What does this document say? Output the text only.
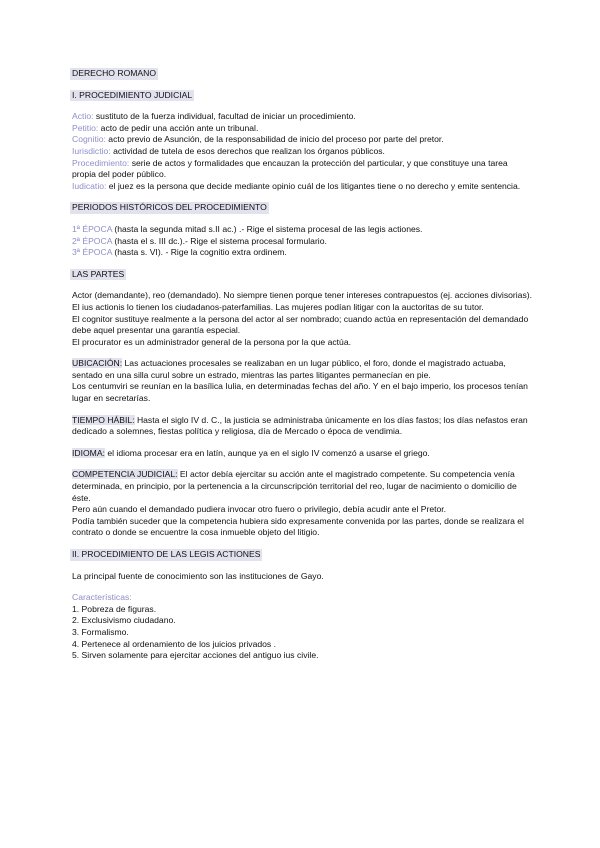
DERECHO ROMANO
I. PROCEDIMIENTO JUDICIAL

Actio: sustituto de la fuerza individual, facultad de iniciar un procedimiento.

Petitio: acto de pedir una acción ante un tribunal.

Cognitio: acto previo de Asunción, de la responsabilidad de inicio del proceso por parte del pretor.

Iurisdictio: actividad de tutela de esos derechos que realizan los órganos públicos.

Procedimiento: serie de actos y formalidades que encauzan la protección del particular, y que constituye una tarea propia del poder público.

Iudicatio: el juez es la persona que decide mediante opinio cuál de los litigantes tiene o no derecho y emite sentencia.

PERIODOS HISTÓRICOS DEL PROCEDIMIENTO

1ª ÉPOCA (hasta la segunda mitad s.II ac.) .- Rige el sistema procesal de las legis actiones.

2ª ÉPOCA (hasta el s. III dc.).- Rige el sistema procesal formulario.

3ª ÉPOCA (hasta s. VI). - Rige la cognitio extra ordinem.

LAS PARTES

Actor (demandante), reo (demandado). No siempre tienen porque tener intereses contrapuestos (ej. acciones divisorias).

El ius actionis lo tienen los ciudadanos-paterfamilias. Las mujeres podían litigar con la auctoritas de su tutor.

El cognitor sustituye realmente a la persona del actor al ser nombrado; cuando actúa en representación del demandado debe aquel presentar una garantía especial.

El procurator es un administrador general de la persona por la que actúa.

UBICACIÓN: Las actuaciones procesales se realizaban en un lugar público, el foro, donde el magistrado actuaba, sentado en una silla curul sobre un estrado, mientras las partes litigantes permanecían en pie.

Los centumviri se reunían en la basílica Iulia, en determinadas fechas del año. Y en el bajo imperio, los procesos tenían lugar en secretarías.

TIEMPO HÁBIL: Hasta el siglo IV d. C., la justicia se administraba únicamente en los días fastos; los días nefastos eran dedicado a solemnes, fiestas política y religiosa, día de Mercado o época de vendimia.

IDIOMA: el idioma procesar era en latín, aunque ya en el siglo IV comenzó a usarse el griego.

COMPETENCIA JUDICIAL: El actor debía ejercitar su acción ante el magistrado competente. Su competencia venía determinada, en principio, por la pertenencia a la circunscripción territorial del reo, lugar de nacimiento o domicilio de éste.

Pero aún cuando el demandado pudiera invocar otro fuero o privilegio, debía acudir ante el Pretor.

Podía también suceder que la competencia hubiera sido expresamente convenida por las partes, donde se realizara el contrato o donde se encuentre la cosa inmueble objeto del litigio.

II. PROCEDIMIENTO DE LAS LEGIS ACTIONES

La principal fuente de conocimiento son las instituciones de Gayo.

Características:

1. Pobreza de figuras.

2. Exclusivismo ciudadano.

3. Formalismo.

4. Pertenece al ordenamiento de los juicios privados .

5. Sirven solamente para ejercitar acciones del antiguo ius civile.
